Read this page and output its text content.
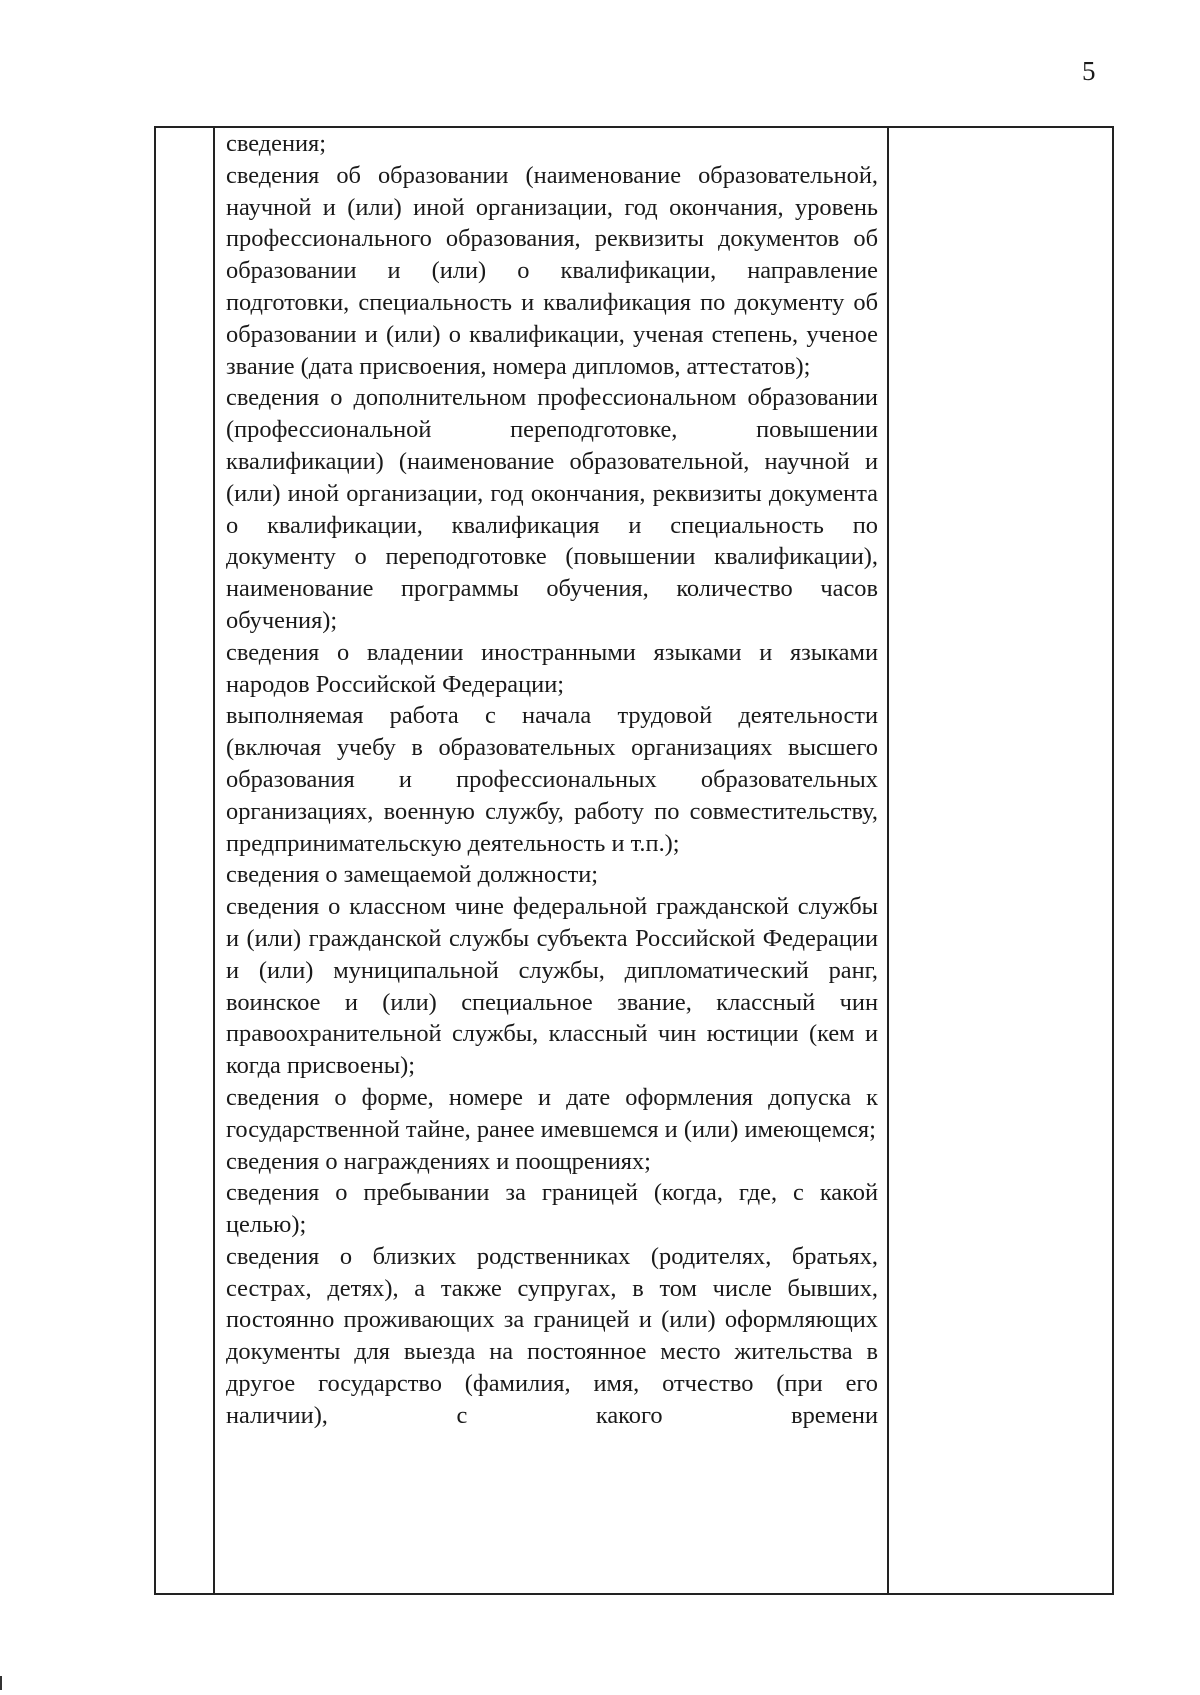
5

сведения;

сведения об образовании (наименование образовательной, научной и (или) иной организации, год окончания, уровень профессионального образования, реквизиты документов об образовании и (или) о квалификации, направление подготовки, специальность и квалификация по документу об образовании и (или) о квалификации, ученая степень, ученое звание (дата присвоения, номера дипломов, аттестатов);

сведения о дополнительном профессиональном образовании (профессиональной переподготовке, повышении квалификации) (наименование образовательной, научной и (или) иной организации, год окончания, реквизиты документа о квалификации, квалификация и специальность по документу о переподготовке (повышении квалификации), наименование программы обучения, количество часов обучения);

сведения о владении иностранными языками и языками народов Российской Федерации;

выполняемая работа с начала трудовой деятельности (включая учебу в образовательных организациях высшего образования и профессиональных образовательных организациях, военную службу, работу по совместительству, предпринимательскую деятельность и т.п.);

сведения о замещаемой должности;

сведения о классном чине федеральной гражданской службы и (или) гражданской службы субъекта Российской Федерации и (или) муниципальной службы, дипломатический ранг, воинское и (или) специальное звание, классный чин правоохранительной службы, классный чин юстиции (кем и когда присвоены);

сведения о форме, номере и дате оформления допуска к государственной тайне, ранее имевшемся и (или) имеющемся;

сведения о награждениях и поощрениях;

сведения о пребывании за границей (когда, где, с какой целью);

сведения о близких родственниках (родителях, братьях, сестрах, детях), а также супругах, в том числе бывших, постоянно проживающих за границей и (или) оформляющих документы для выезда на постоянное место жительства в другое государство (фамилия, имя, отчество (при его наличии), с какого времени
